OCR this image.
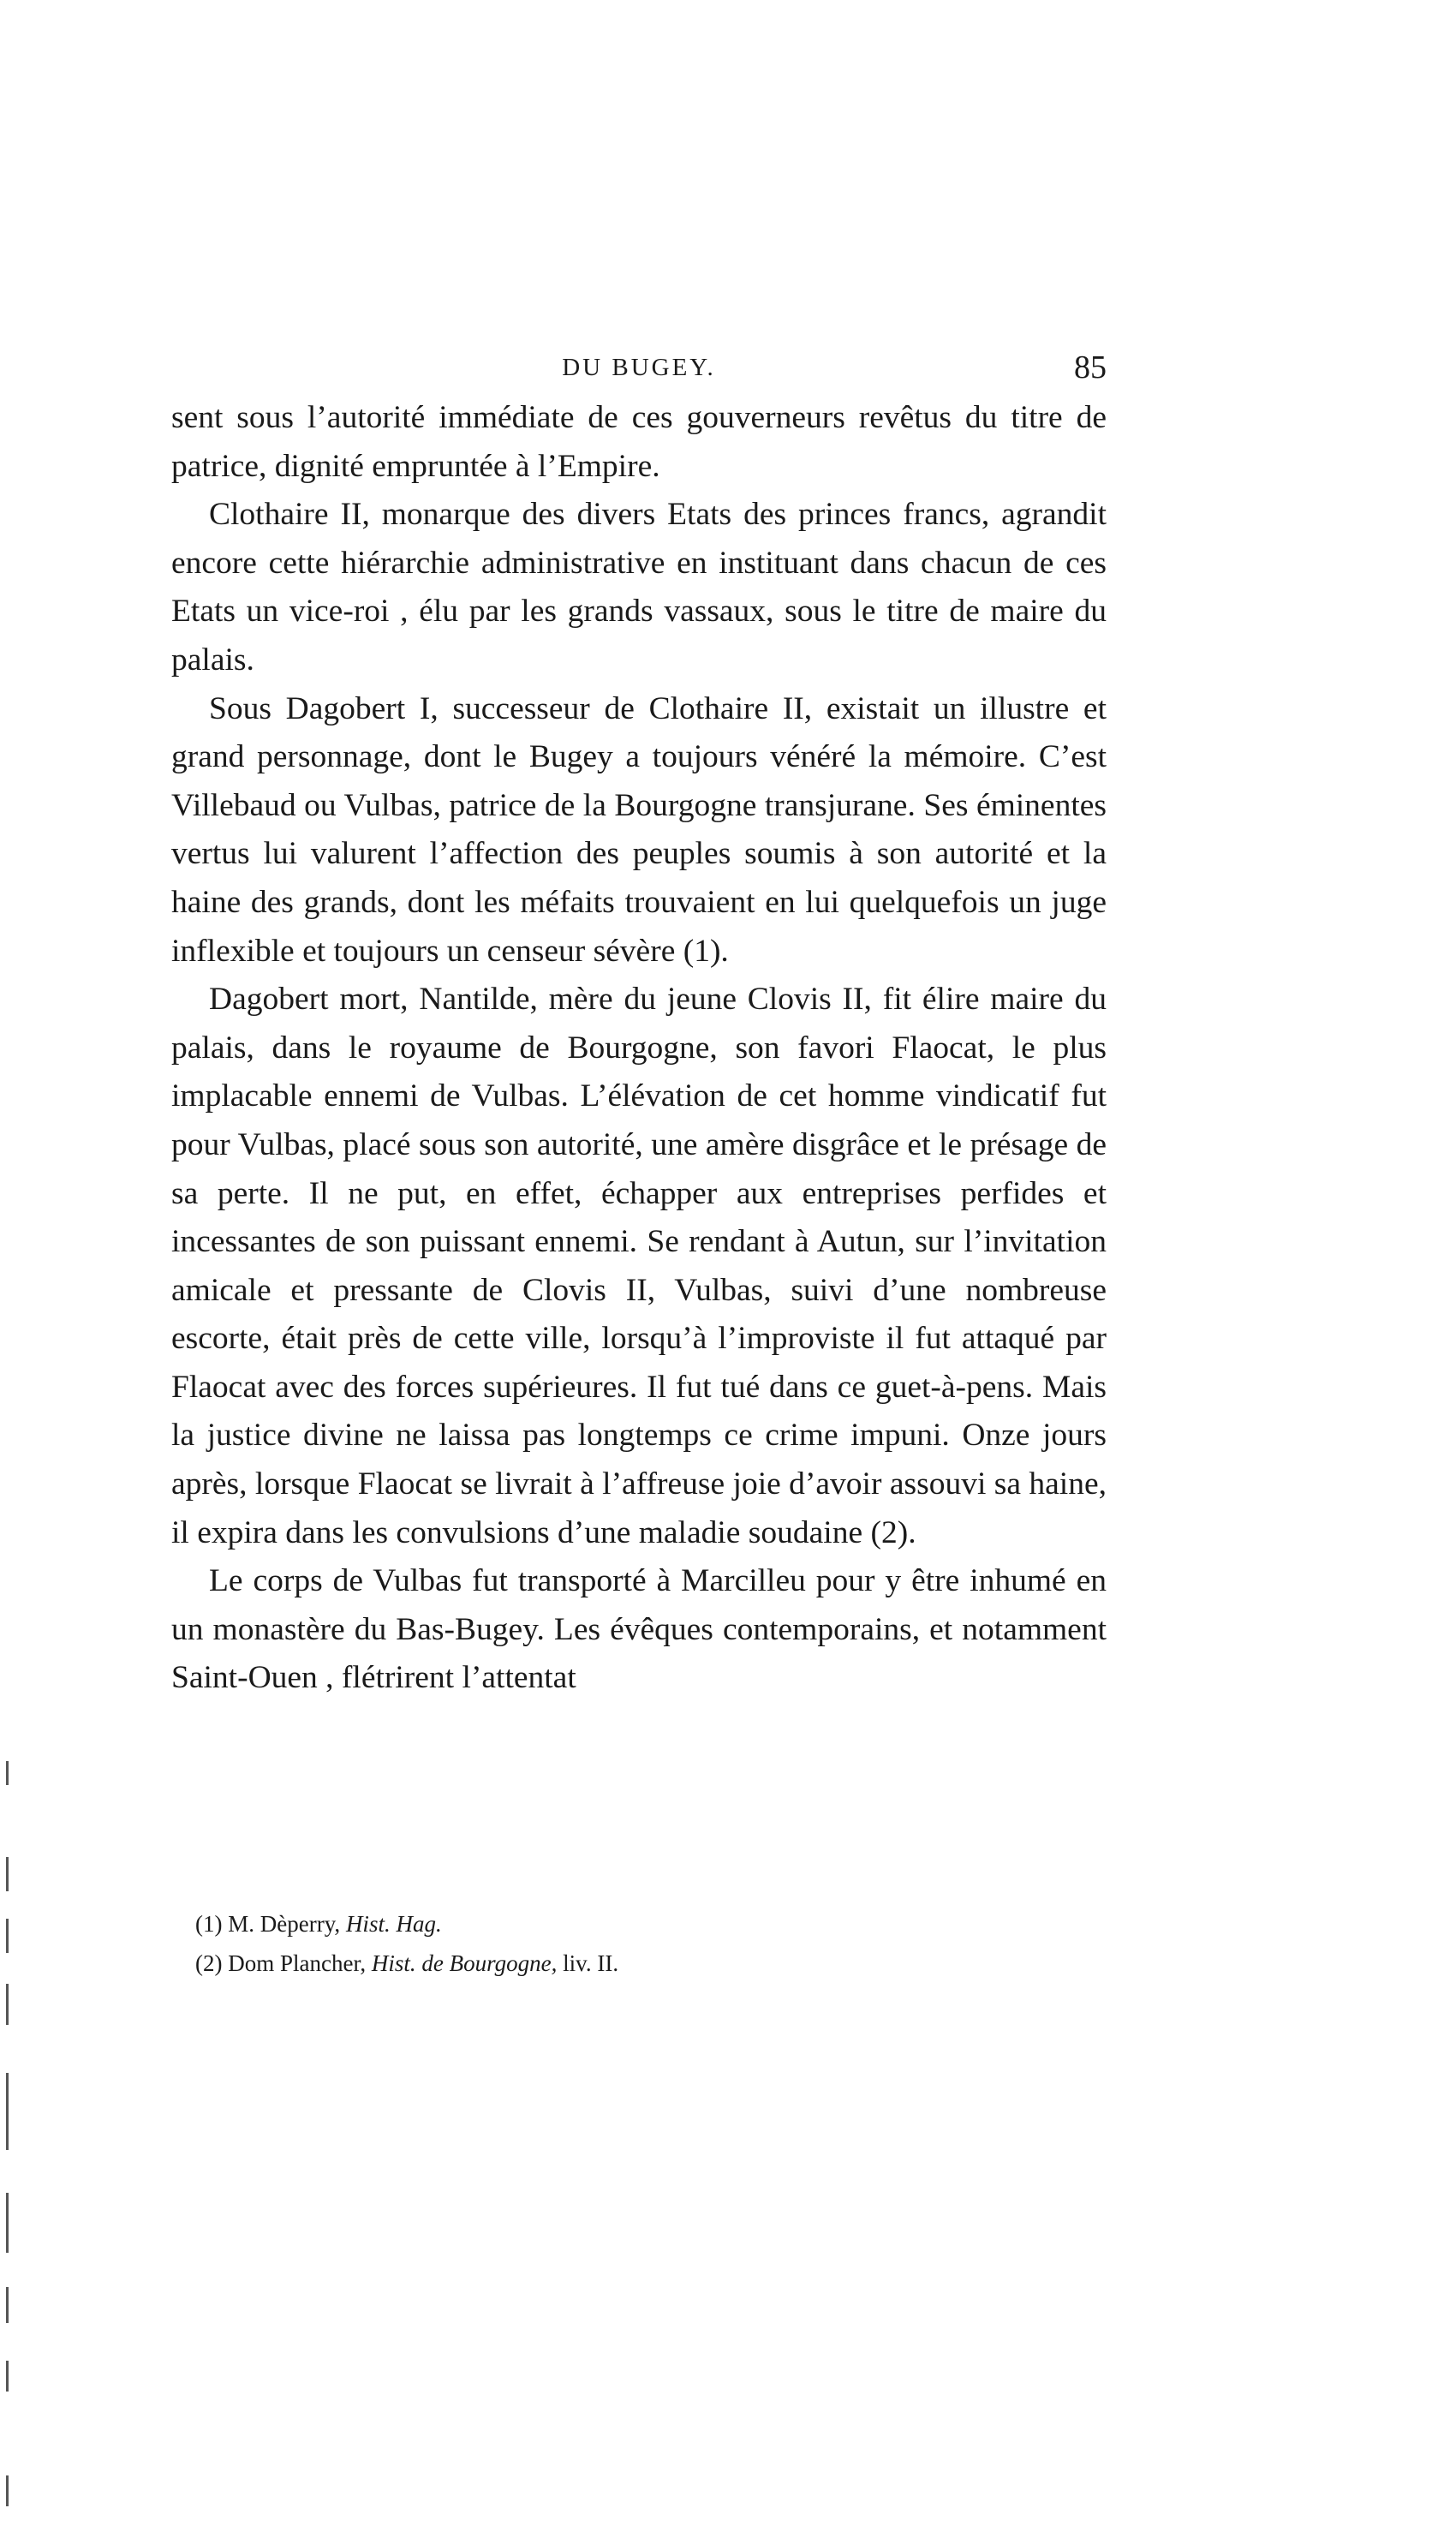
DU BUGEY.	85

sent sous l’autorité immédiate de ces gouverneurs revêtus du titre de patrice, dignité empruntée à l’Empire.

Clothaire II, monarque des divers Etats des princes francs, agrandit encore cette hiérarchie administrative en instituant dans chacun de ces Etats un vice-roi , élu par les grands vassaux, sous le titre de maire du palais.

Sous Dagobert I, successeur de Clothaire II, existait un illustre et grand personnage, dont le Bugey a toujours vénéré la mémoire. C’est Villebaud ou Vulbas, patrice de la Bourgogne transjurane. Ses éminentes vertus lui valurent l’affection des peuples soumis à son autorité et la haine des grands, dont les méfaits trouvaient en lui quelquefois un juge inflexible et toujours un censeur sévère (1).

Dagobert mort, Nantilde, mère du jeune Clovis II, fit élire maire du palais, dans le royaume de Bourgogne, son favori Flaocat, le plus implacable ennemi de Vulbas. L’élévation de cet homme vindicatif fut pour Vulbas, placé sous son autorité, une amère disgrâce et le présage de sa perte. Il ne put, en effet, échapper aux entreprises perfides et incessantes de son puissant ennemi. Se rendant à Autun, sur l’invitation amicale et pressante de Clovis II, Vulbas, suivi d’une nombreuse escorte, était près de cette ville, lorsqu’à l’improviste il fut attaqué par Flaocat avec des forces supérieures. Il fut tué dans ce guet-à-pens. Mais la justice divine ne laissa pas longtemps ce crime impuni. Onze jours après, lorsque Flaocat se livrait à l’affreuse joie d’avoir assouvi sa haine, il expira dans les convulsions d’une maladie soudaine (2).

Le corps de Vulbas fut transporté à Marcilleu pour y être inhumé en un monastère du Bas-Bugey. Les évêques contemporains, et notamment Saint-Ouen , flétrirent l’attentat

(1) M. Dèperry, Hist. Hag.

(2) Dom Plancher, Hist. de Bourgogne, liv. II.
